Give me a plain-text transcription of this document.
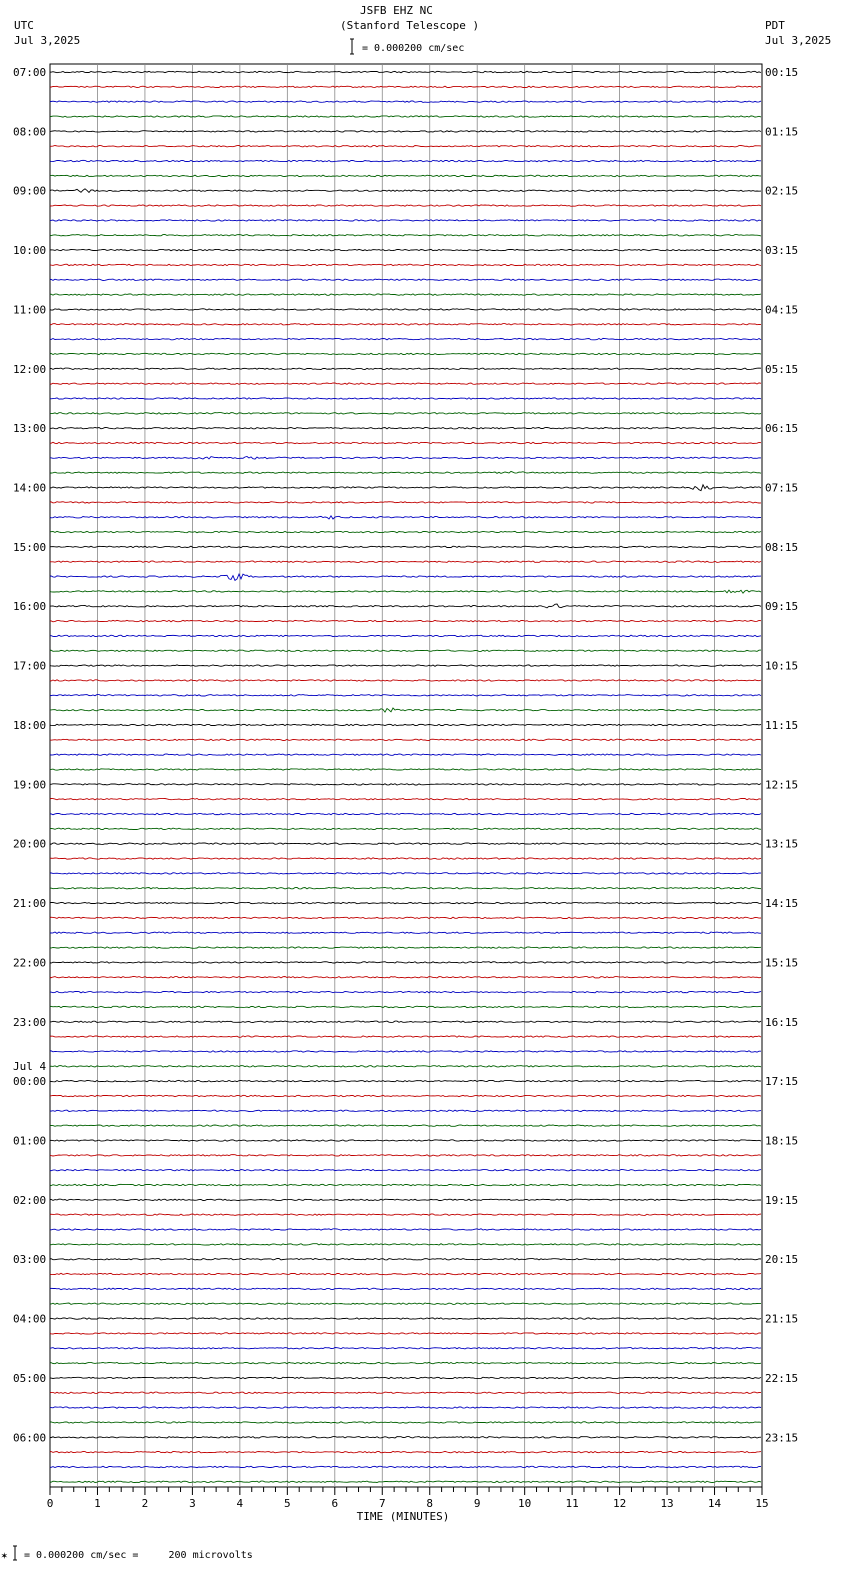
JSFB EHZ NC
(Stanford Telescope )
UTC
Jul 3,2025
PDT
Jul 3,2025
= 0.000200 cm/sec
= 0.000200 cm/sec =     200 microvolts
07:00
08:00
09:00
10:00
11:00
12:00
13:00
14:00
15:00
16:00
17:00
18:00
19:00
20:00
21:00
22:00
23:00
00:00
01:00
02:00
03:00
04:00
05:00
06:00
00:15
01:15
02:15
03:15
04:15
05:15
06:15
07:15
08:15
09:15
10:15
11:15
12:15
13:15
14:15
15:15
16:15
17:15
18:15
19:15
20:15
21:15
22:15
23:15
Jul 4
0	1	2	3	4	5	6	7	8	9	10	11	12	13	14	15
TIME (MINUTES)
✶
